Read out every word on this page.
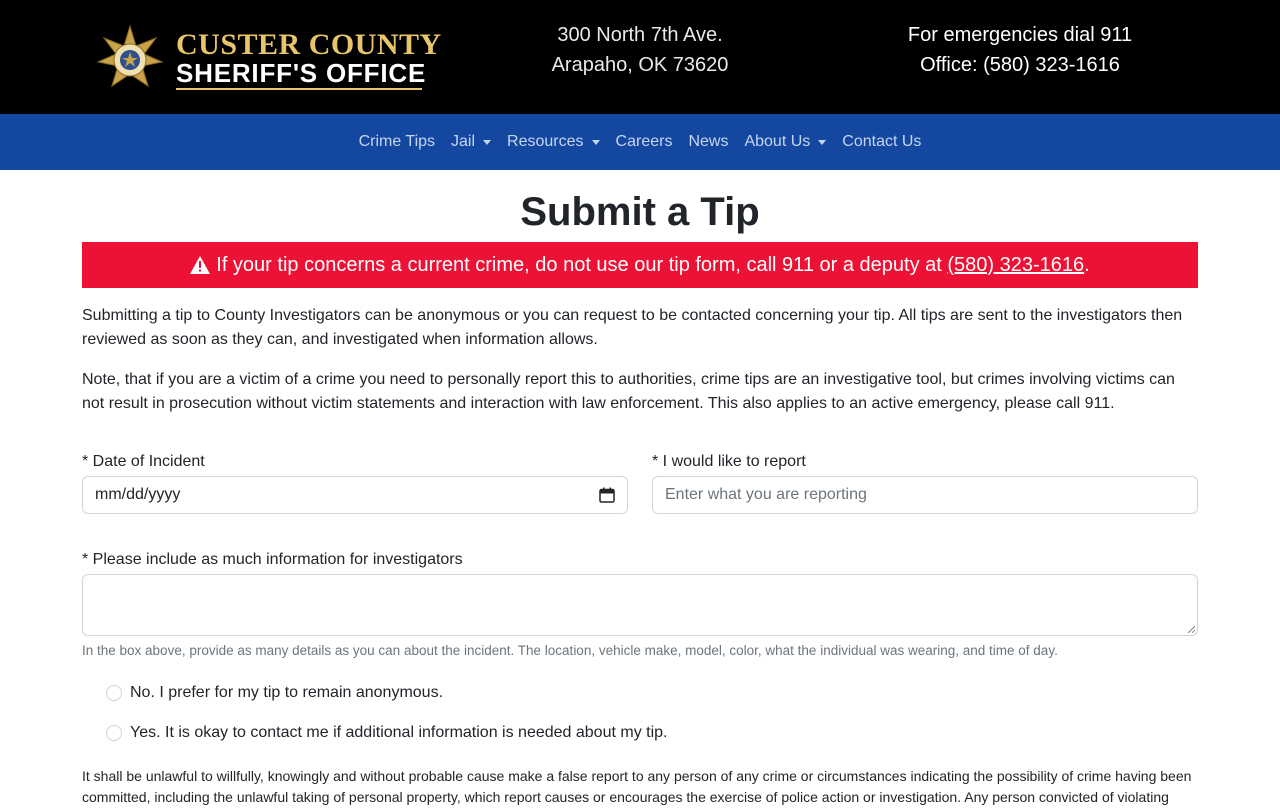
CUSTER COUNTY
SHERIFF'S OFFICE
300 North 7th Ave.
Arapaho, OK 73620
For emergencies dial 911
Office: (580) 323-1616
Crime Tips Jail Resources Careers News About Us Contact Us
Submit a Tip
If your tip concerns a current crime, do not use our tip form, call 911 or a deputy at
(580) 323-1616 .

Submitting a tip to County Investigators can be anonymous or you can request to be contacted concerning your tip. All tips are sent to the investigators then reviewed as soon as they can, and investigated when information allows.

Note, that if you are a victim of a crime you need to personally report this to authorities, crime tips are an investigative tool, but crimes involving victims can not result in prosecution without victim statements and interaction with law enforcement. This also applies to an active emergency, please call 911.

* Date of Incident
mm/dd/yyyy
* I would like to report
Enter what you are reporting
* Please include as much information for investigators
In the box above, provide as many details as you can about the incident. The location, vehicle make, model, color, what the individual was wearing, and time of day.
No. I prefer for my tip to remain anonymous.
Yes. It is okay to contact me if additional information is needed about my tip.

It shall be unlawful to willfully, knowingly and without probable cause make a false report to any person of any crime or circumstances indicating the possibility of crime having been committed, including the unlawful taking of personal property, which report causes or encourages the exercise of police action or investigation. Any person convicted of violating
